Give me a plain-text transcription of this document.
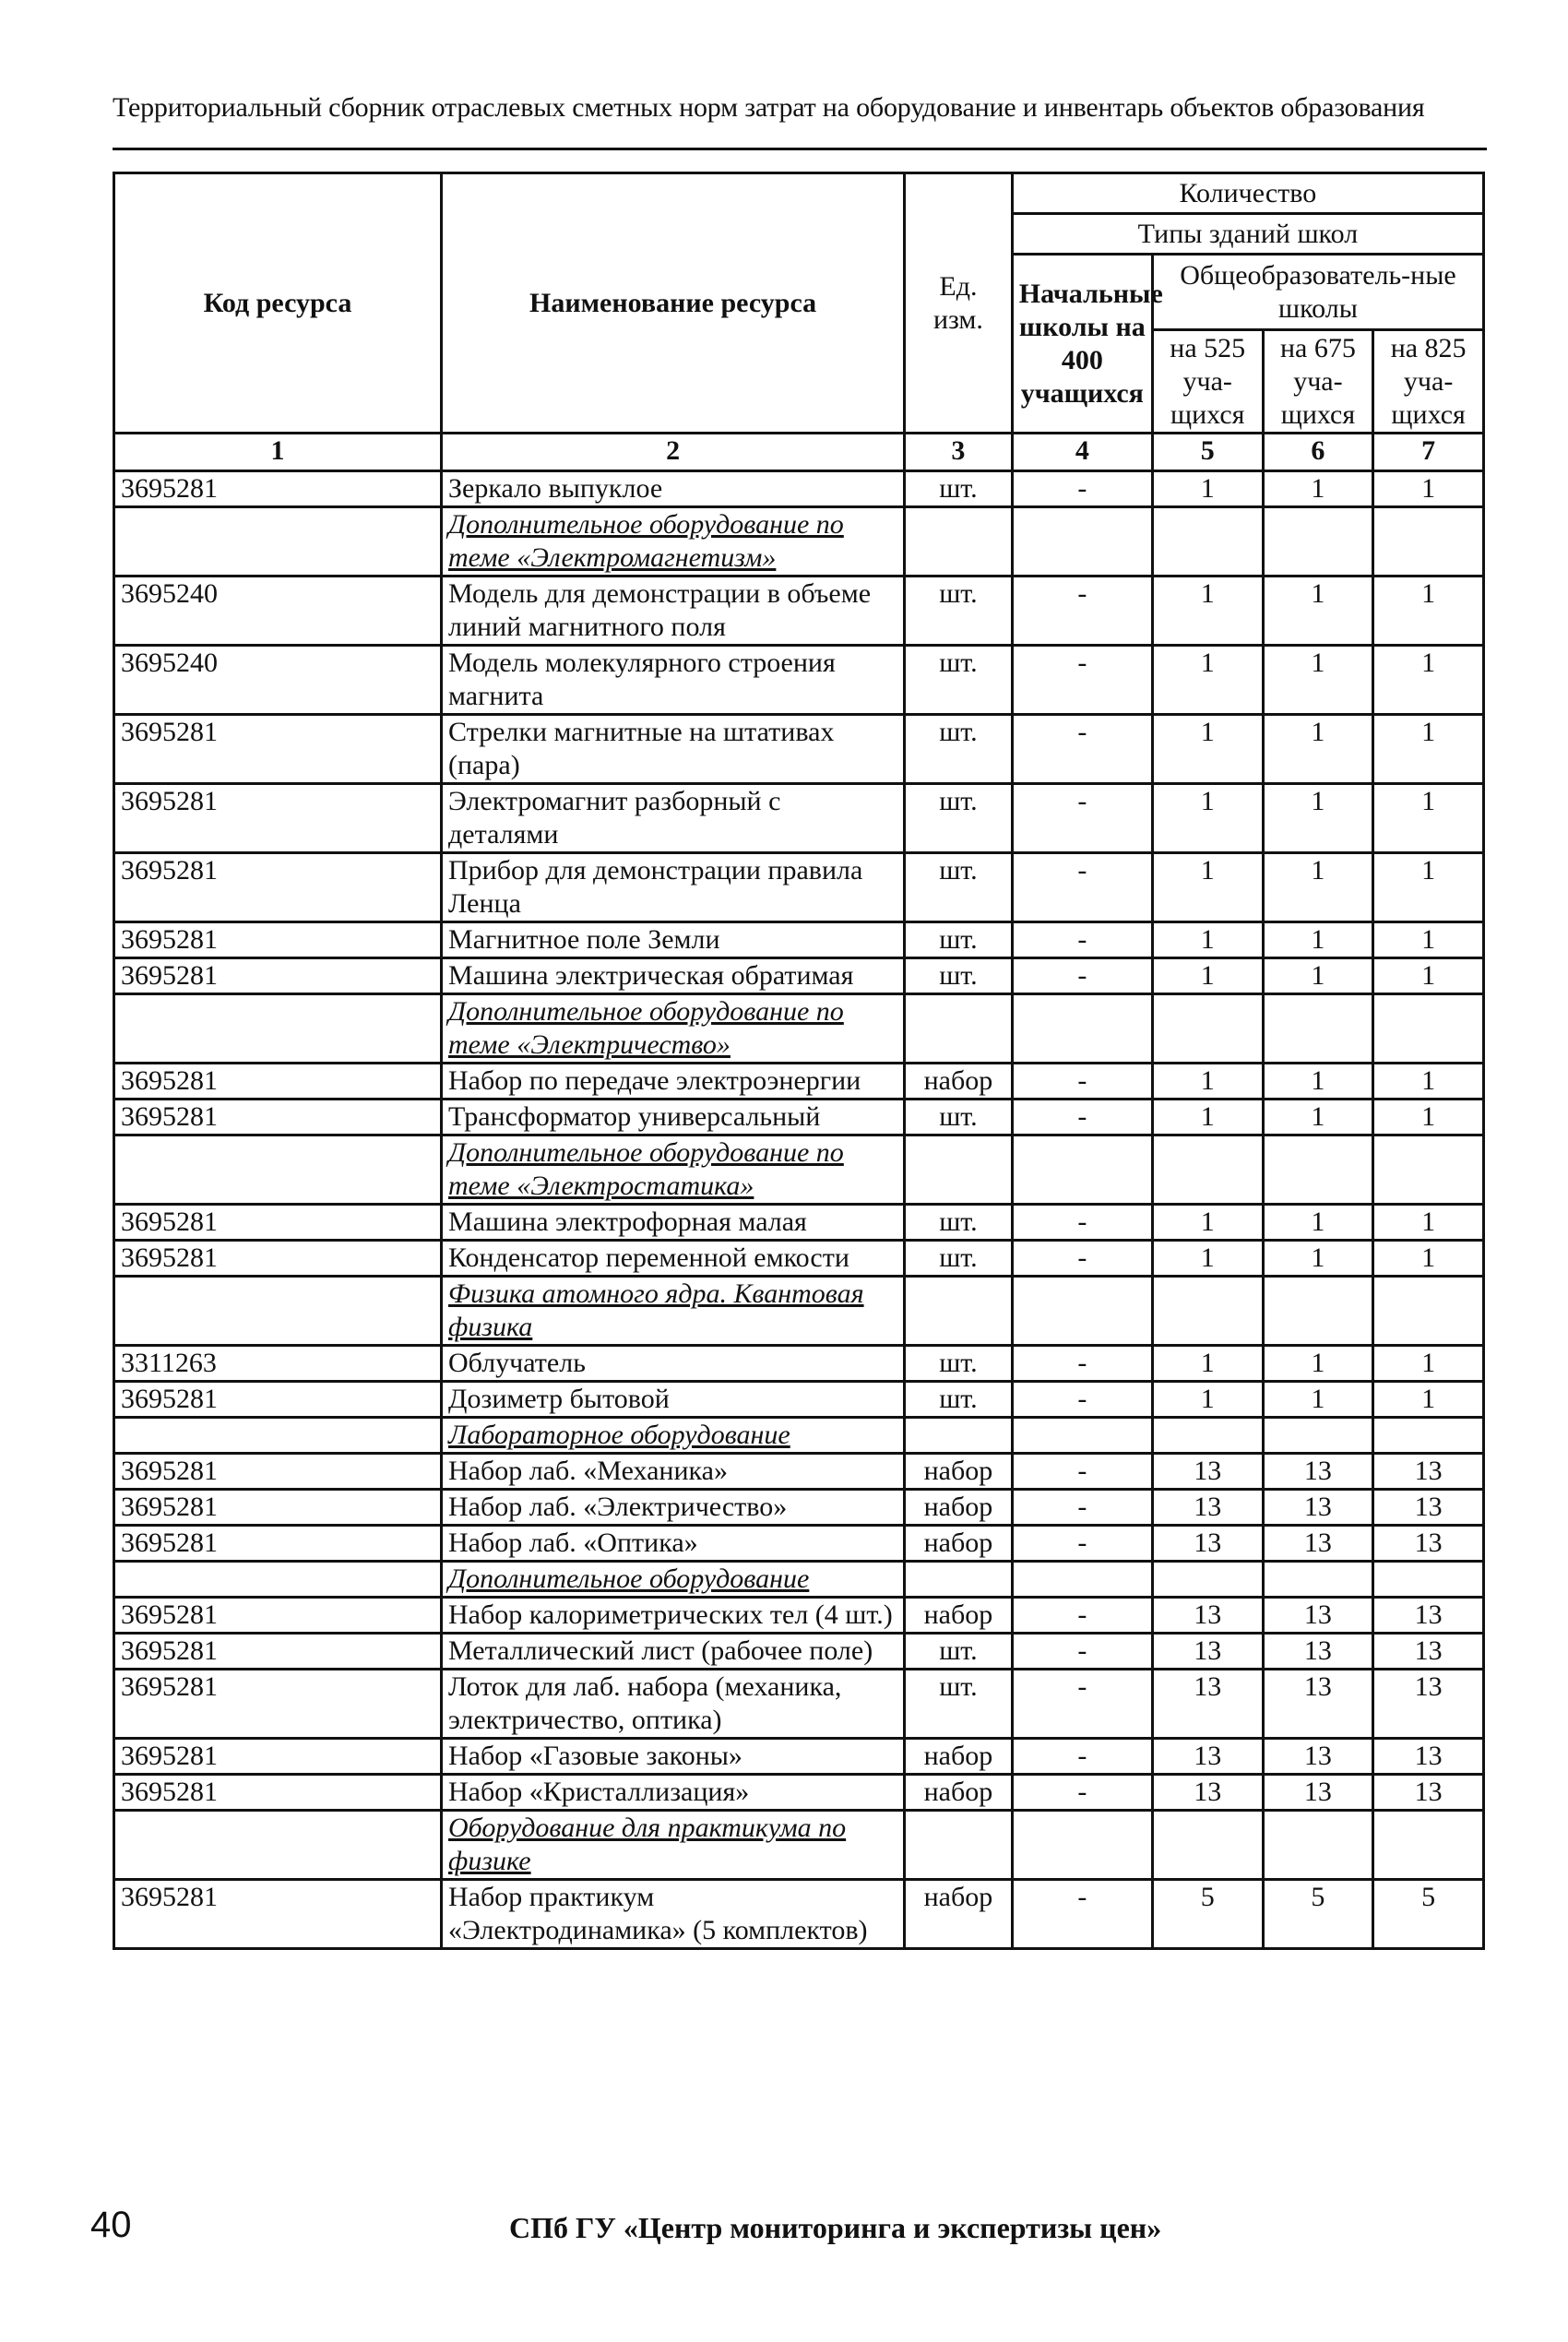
Территориальный сборник отраслевых сметных норм затрат на оборудование и инвентарь объектов образования
Код ресурса	Наименование ресурса	Ед. изм.	Количество			
			Типы зданий школ			
			Начальные школы на 400 учащихся	Общеобразователь-ные школы		
				на 525 уча-щихся	на 675 уча-щихся	на 825 уча-щихся
1	2	3	4	5	6	7
3695281	Зеркало выпуклое	шт.	-	1	1	1
	Дополнительное оборудование по теме «Электромагнетизм»					
3695240	Модель для демонстрации в объеме линий магнитного поля	шт.	-	1	1	1
3695240	Модель молекулярного строения магнита	шт.	-	1	1	1
3695281	Стрелки магнитные на штативах (пара)	шт.	-	1	1	1
3695281	Электромагнит разборный с деталями	шт.	-	1	1	1
3695281	Прибор для демонстрации правила Ленца	шт.	-	1	1	1
3695281	Магнитное поле Земли	шт.	-	1	1	1
3695281	Машина электрическая обратимая	шт.	-	1	1	1
	Дополнительное оборудование по теме «Электричество»					
3695281	Набор по передаче электроэнергии	набор	-	1	1	1
3695281	Трансформатор универсальный	шт.	-	1	1	1
	Дополнительное оборудование по теме «Электростатика»					
3695281	Машина электрофорная малая	шт.	-	1	1	1
3695281	Конденсатор переменной емкости	шт.	-	1	1	1
	Физика атомного ядра. Квантовая физика					
3311263	Облучатель	шт.	-	1	1	1
3695281	Дозиметр бытовой	шт.	-	1	1	1
	Лабораторное оборудование					
3695281	Набор лаб. «Механика»	набор	-	13	13	13
3695281	Набор лаб. «Электричество»	набор	-	13	13	13
3695281	Набор лаб. «Оптика»	набор	-	13	13	13
	Дополнительное оборудование					
3695281	Набор калориметрических тел (4 шт.)	набор	-	13	13	13
3695281	Металлический лист (рабочее поле)	шт.	-	13	13	13
3695281	Лоток для лаб. набора (механика, электричество, оптика)	шт.	-	13	13	13
3695281	Набор «Газовые законы»	набор	-	13	13	13
3695281	Набор «Кристаллизация»	набор	-	13	13	13
	Оборудование для практикума по физике					
3695281	Набор практикум «Электродинамика» (5 комплектов)	набор	-	5	5	5
40	СПб ГУ «Центр мониторинга и экспертизы цен»
